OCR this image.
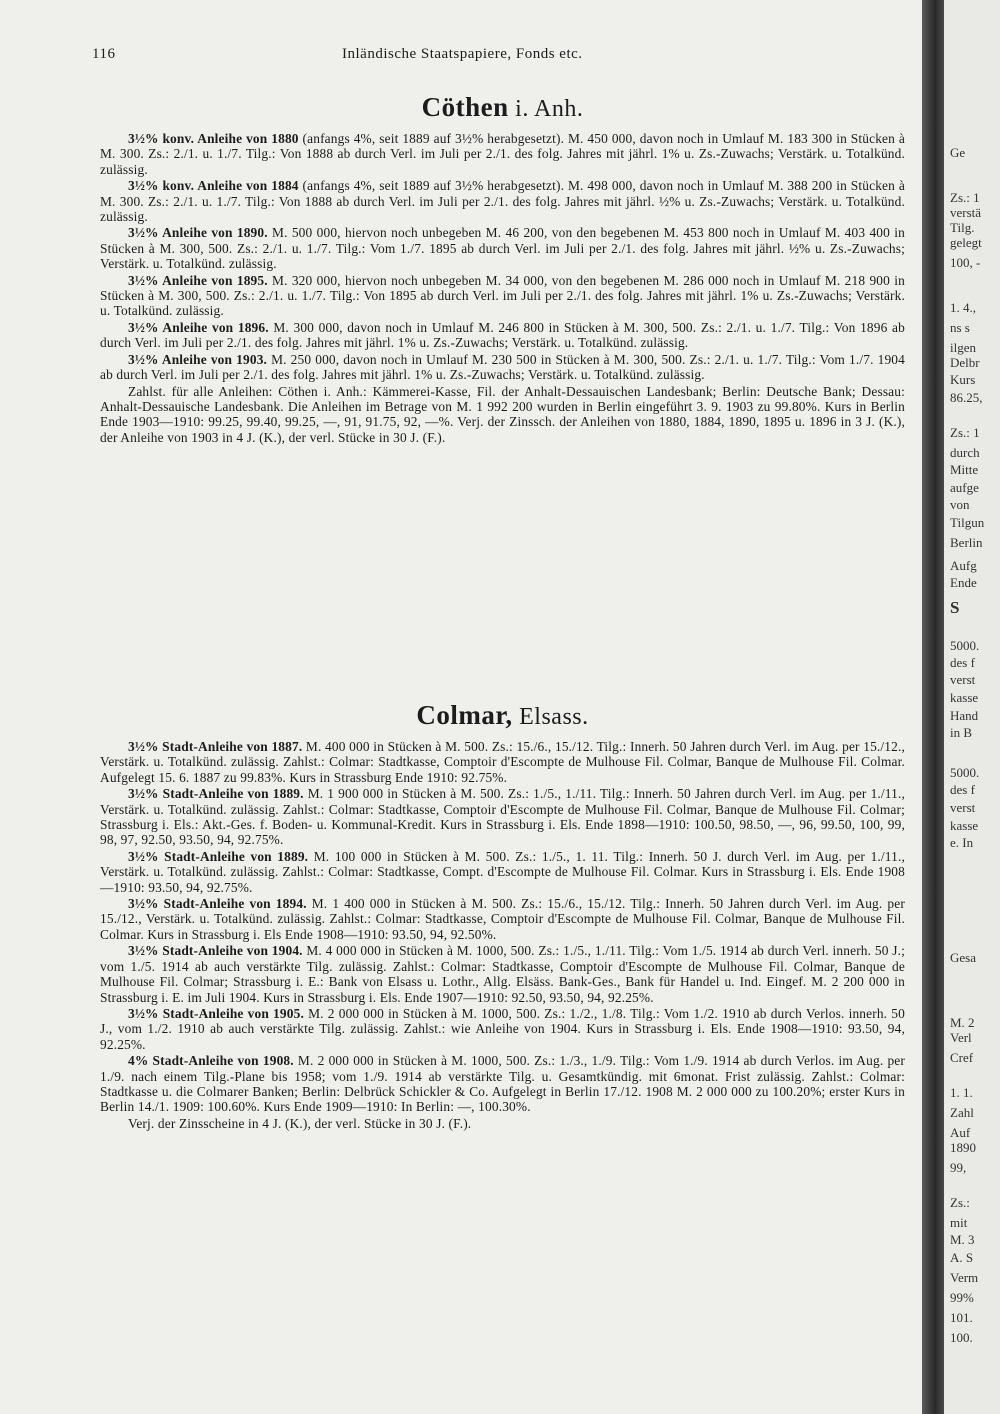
116	Inländische Staatspapiere, Fonds etc.
Cöthen i. Anh.

3½% konv. Anleihe von 1880 (anfangs 4%, seit 1889 auf 3½% herabgesetzt). M. 450 000, davon noch in Umlauf M. 183 300 in Stücken à M. 300. Zs.: 2./1. u. 1./7. Tilg.: Von 1888 ab durch Verl. im Juli per 2./1. des folg. Jahres mit jährl. 1% u. Zs.-Zuwachs; Verstärk. u. Totalkünd. zulässig.

3½% konv. Anleihe von 1884 (anfangs 4%, seit 1889 auf 3½% herabgesetzt). M. 498 000, davon noch in Umlauf M. 388 200 in Stücken à M. 300. Zs.: 2./1. u. 1./7. Tilg.: Von 1888 ab durch Verl. im Juli per 2./1. des folg. Jahres mit jährl. ½% u. Zs.-Zuwachs; Verstärk. u. Totalkünd. zulässig.

3½% Anleihe von 1890. M. 500 000, hiervon noch unbegeben M. 46 200, von den begebenen M. 453 800 noch in Umlauf M. 403 400 in Stücken à M. 300, 500. Zs.: 2./1. u. 1./7. Tilg.: Vom 1./7. 1895 ab durch Verl. im Juli per 2./1. des folg. Jahres mit jährl. ½% u. Zs.-Zuwachs; Verstärk. u. Totalkünd. zulässig.

3½% Anleihe von 1895. M. 320 000, hiervon noch unbegeben M. 34 000, von den begebenen M. 286 000 noch in Umlauf M. 218 900 in Stücken à M. 300, 500. Zs.: 2./1. u. 1./7. Tilg.: Von 1895 ab durch Verl. im Juli per 2./1. des folg. Jahres mit jährl. 1% u. Zs.-Zuwachs; Verstärk. u. Totalkünd. zulässig.

3½% Anleihe von 1896. M. 300 000, davon noch in Umlauf M. 246 800 in Stücken à M. 300, 500. Zs.: 2./1. u. 1./7. Tilg.: Von 1896 ab durch Verl. im Juli per 2./1. des folg. Jahres mit jährl. 1% u. Zs.-Zuwachs; Verstärk. u. Totalkünd. zulässig.

3½% Anleihe von 1903. M. 250 000, davon noch in Umlauf M. 230 500 in Stücken à M. 300, 500. Zs.: 2./1. u. 1./7. Tilg.: Vom 1./7. 1904 ab durch Verl. im Juli per 2./1. des folg. Jahres mit jährl. 1% u. Zs.-Zuwachs; Verstärk. u. Totalkünd. zulässig.

Zahlst. für alle Anleihen: Cöthen i. Anh.: Kämmerei-Kasse, Fil. der Anhalt-Dessauischen Landesbank; Berlin: Deutsche Bank; Dessau: Anhalt-Dessauische Landesbank. Die Anleihen im Betrage von M. 1 992 200 wurden in Berlin eingeführt 3. 9. 1903 zu 99.80%. Kurs in Berlin Ende 1903—1910: 99.25, 99.40, 99.25, —, 91, 91.75, 92, —%. Verj. der Zinssch. der Anleihen von 1880, 1884, 1890, 1895 u. 1896 in 3 J. (K.), der Anleihe von 1903 in 4 J. (K.), der verl. Stücke in 30 J. (F.).

Colmar, Elsass.

3½% Stadt-Anleihe von 1887. M. 400 000 in Stücken à M. 500. Zs.: 15./6., 15./12. Tilg.: Innerh. 50 Jahren durch Verl. im Aug. per 15./12., Verstärk. u. Totalkünd. zulässig. Zahlst.: Colmar: Stadtkasse, Comptoir d'Escompte de Mulhouse Fil. Colmar, Banque de Mulhouse Fil. Colmar. Aufgelegt 15. 6. 1887 zu 99.83%. Kurs in Strassburg Ende 1910: 92.75%.

3½% Stadt-Anleihe von 1889. M. 1 900 000 in Stücken à M. 500. Zs.: 1./5., 1./11. Tilg.: Innerh. 50 Jahren durch Verl. im Aug. per 1./11., Verstärk. u. Totalkünd. zulässig. Zahlst.: Colmar: Stadtkasse, Comptoir d'Escompte de Mulhouse Fil. Colmar, Banque de Mulhouse Fil. Colmar; Strassburg i. Els.: Akt.-Ges. f. Boden- u. Kommunal-Kredit. Kurs in Strassburg i. Els. Ende 1898—1910: 100.50, 98.50, —, 96, 99.50, 100, 99, 98, 97, 92.50, 93.50, 94, 92.75%.

3½% Stadt-Anleihe von 1889. M. 100 000 in Stücken à M. 500. Zs.: 1./5., 1. 11. Tilg.: Innerh. 50 J. durch Verl. im Aug. per 1./11., Verstärk. u. Totalkünd. zulässig. Zahlst.: Colmar: Stadtkasse, Compt. d'Escompte de Mulhouse Fil. Colmar. Kurs in Strassburg i. Els. Ende 1908—1910: 93.50, 94, 92.75%.

3½% Stadt-Anleihe von 1894. M. 1 400 000 in Stücken à M. 500. Zs.: 15./6., 15./12. Tilg.: Innerh. 50 Jahren durch Verl. im Aug. per 15./12., Verstärk. u. Totalkünd. zulässig. Zahlst.: Colmar: Stadtkasse, Comptoir d'Escompte de Mulhouse Fil. Colmar, Banque de Mulhouse Fil. Colmar. Kurs in Strassburg i. Els Ende 1908—1910: 93.50, 94, 92.50%.

3½% Stadt-Anleihe von 1904. M. 4 000 000 in Stücken à M. 1000, 500. Zs.: 1./5., 1./11. Tilg.: Vom 1./5. 1914 ab durch Verl. innerh. 50 J.; vom 1./5. 1914 ab auch verstärkte Tilg. zulässig. Zahlst.: Colmar: Stadtkasse, Comptoir d'Escompte de Mulhouse Fil. Colmar, Banque de Mulhouse Fil. Colmar; Strassburg i. E.: Bank von Elsass u. Lothr., Allg. Elsäss. Bank-Ges., Bank für Handel u. Ind. Eingef. M. 2 200 000 in Strassburg i. E. im Juli 1904. Kurs in Strassburg i. Els. Ende 1907—1910: 92.50, 93.50, 94, 92.25%.

3½% Stadt-Anleihe von 1905. M. 2 000 000 in Stücken à M. 1000, 500. Zs.: 1./2., 1./8. Tilg.: Vom 1./2. 1910 ab durch Verlos. innerh. 50 J., vom 1./2. 1910 ab auch verstärkte Tilg. zulässig. Zahlst.: wie Anleihe von 1904. Kurs in Strassburg i. Els. Ende 1908—1910: 93.50, 94, 92.25%.

4% Stadt-Anleihe von 1908. M. 2 000 000 in Stücken à M. 1000, 500. Zs.: 1./3., 1./9. Tilg.: Vom 1./9. 1914 ab durch Verlos. im Aug. per 1./9. nach einem Tilg.-Plane bis 1958; vom 1./9. 1914 ab verstärkte Tilg. u. Gesamtkündig. mit 6monat. Frist zulässig. Zahlst.: Colmar: Stadtkasse u. die Colmarer Banken; Berlin: Delbrück Schickler & Co. Aufgelegt in Berlin 17./12. 1908 M. 2 000 000 zu 100.20%; erster Kurs in Berlin 14./1. 1909: 100.60%. Kurs Ende 1909—1910: In Berlin: —, 100.30%.

Verj. der Zinsscheine in 4 J. (K.), der verl. Stücke in 30 J. (F.).

Ge
Zs.: 1
verstä
Tilg.
gelegt
100, -
1. 4.,
ns s
ilgen
Delbr
Kurs
86.25,
Zs.: 1
durch
Mitte
aufge
von
Tilgun
Berlin
Aufg
Ende
S
5000.
des f
verst
kasse
Hand
in B
5000.
des f
verst
kasse
e. In
Gesa
M. 2
Verl
Cref
1. 1.
Zahl
Auf
1890
99,
Zs.:
mit
M. 3
A. S
Verm
99%
101.
100.
